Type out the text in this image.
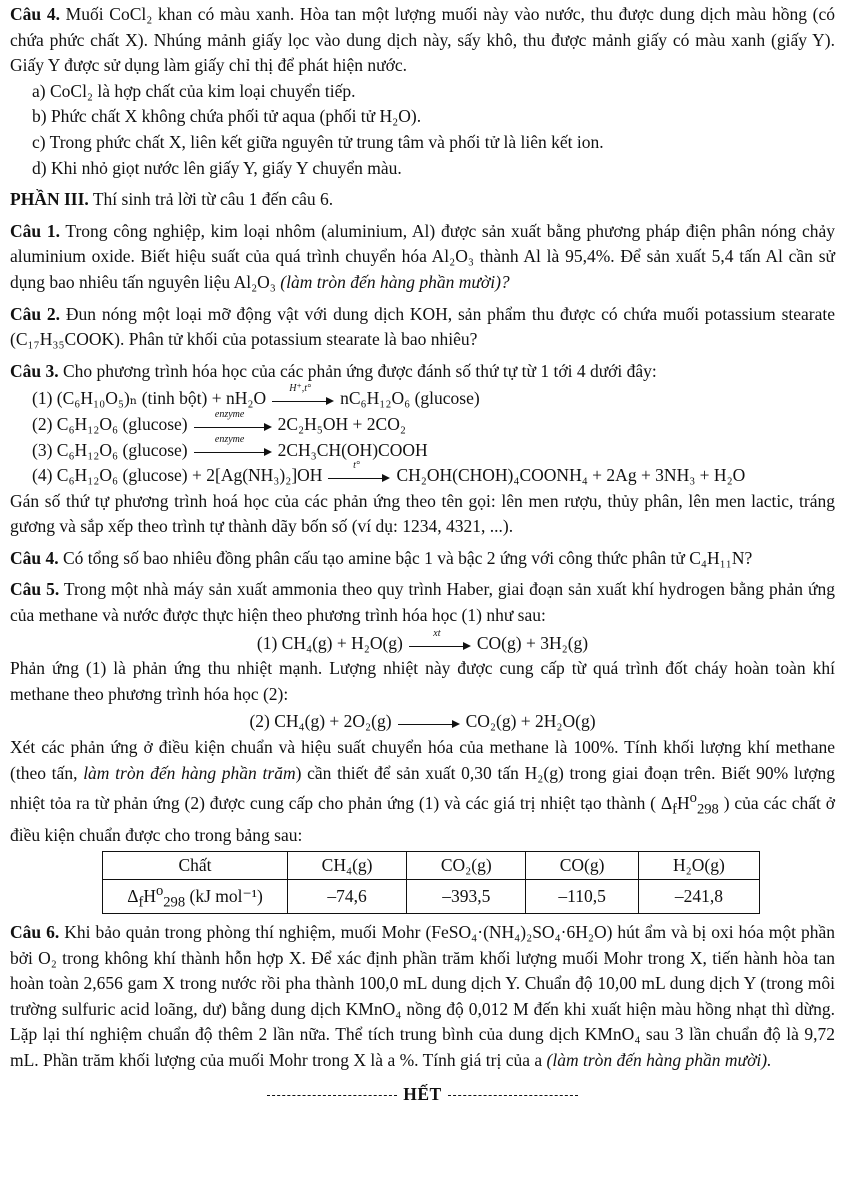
Câu 4. Muối CoCl₂ khan có màu xanh. Hòa tan một lượng muối này vào nước, thu được dung dịch màu hồng (có chứa phức chất X). Nhúng mảnh giấy lọc vào dung dịch này, sấy khô, thu được mảnh giấy có màu xanh (giấy Y). Giấy Y được sử dụng làm giấy chỉ thị để phát hiện nước.

a) CoCl₂ là hợp chất của kim loại chuyển tiếp.

b) Phức chất X không chứa phối tử aqua (phối tử H₂O).

c) Trong phức chất X, liên kết giữa nguyên tử trung tâm và phối tử là liên kết ion.

d) Khi nhỏ giọt nước lên giấy Y, giấy Y chuyển màu.

PHẦN III. Thí sinh trả lời từ câu 1 đến câu 6.

Câu 1. Trong công nghiệp, kim loại nhôm (aluminium, Al) được sản xuất bằng phương pháp điện phân nóng chảy aluminium oxide. Biết hiệu suất của quá trình chuyển hóa Al₂O₃ thành Al là 95,4%. Để sản xuất 5,4 tấn Al cần sử dụng bao nhiêu tấn nguyên liệu Al₂O₃ (làm tròn đến hàng phần mười)?

Câu 2. Đun nóng một loại mỡ động vật với dung dịch KOH, sản phẩm thu được có chứa muối potassium stearate (C₁₇H₃₅COOK). Phân tử khối của potassium stearate là bao nhiêu?

Câu 3. Cho phương trình hóa học của các phản ứng được đánh số thứ tự từ 1 tới 4 dưới đây:

(1) (C₆H₁₀O₅)ₙ (tinh bột) + nH₂O	H⁺,t°	nC₆H₁₂O₆ (glucose)

(2) C₆H₁₂O₆ (glucose)	enzyme	2C₂H₅OH + 2CO₂

(3) C₆H₁₂O₆ (glucose)	enzyme	2CH₃CH(OH)COOH

(4) C₆H₁₂O₆ (glucose) + 2[Ag(NH₃)₂]OH	t°	CH₂OH(CHOH)₄COONH₄ + 2Ag + 3NH₃ + H₂O

Gán số thứ tự phương trình hoá học của các phản ứng theo tên gọi: lên men rượu, thủy phân, lên men lactic, tráng gương và sắp xếp theo trình tự thành dãy bốn số (ví dụ: 1234, 4321, ...).

Câu 4. Có tổng số bao nhiêu đồng phân cấu tạo amine bậc 1 và bậc 2 ứng với công thức phân tử C₄H₁₁N?

Câu 5. Trong một nhà máy sản xuất ammonia theo quy trình Haber, giai đoạn sản xuất khí hydrogen bằng phản ứng của methane và nước được thực hiện theo phương trình hóa học (1) như sau:

(1) CH₄(g) + H₂O(g)	xt	CO(g) + 3H₂(g)

Phản ứng (1) là phản ứng thu nhiệt mạnh. Lượng nhiệt này được cung cấp từ quá trình đốt cháy hoàn toàn khí methane theo phương trình hóa học (2):

(2) CH₄(g) + 2O₂(g)	CO₂(g) + 2H₂O(g)

Xét các phản ứng ở điều kiện chuẩn và hiệu suất chuyển hóa của methane là 100%. Tính khối lượng khí methane (theo tấn, làm tròn đến hàng phần trăm) cần thiết để sản xuất 0,30 tấn H₂(g) trong giai đoạn trên. Biết 90% lượng nhiệt tỏa ra từ phản ứng (2) được cung cấp cho phản ứng (1) và các giá trị nhiệt tạo thành ( $\Delta_fH^o_{298}$ ) của các chất ở điều kiện chuẩn được cho trong bảng sau:

Chất	CH₄(g)	CO₂(g)	CO(g)	H₂O(g)
$\Delta_fH^o_{298}$ (kJ mol⁻¹)	–74,6	–393,5	–110,5	–241,8

Câu 6. Khi bảo quản trong phòng thí nghiệm, muối Mohr (FeSO₄·(NH₄)₂SO₄·6H₂O) hút ẩm và bị oxi hóa một phần bởi O₂ trong không khí thành hỗn hợp X. Để xác định phần trăm khối lượng muối Mohr trong X, tiến hành hòa tan hoàn toàn 2,656 gam X trong nước rồi pha thành 100,0 mL dung dịch Y. Chuẩn độ 10,00 mL dung dịch Y (trong môi trường sulfuric acid loãng, dư) bằng dung dịch KMnO₄ nồng độ 0,012 M đến khi xuất hiện màu hồng nhạt thì dừng. Lặp lại thí nghiệm chuẩn độ thêm 2 lần nữa. Thể tích trung bình của dung dịch KMnO₄ sau 3 lần chuẩn độ là 9,72 mL. Phần trăm khối lượng của muối Mohr trong X là a %. Tính giá trị của a (làm tròn đến hàng phần mười).

HẾT
